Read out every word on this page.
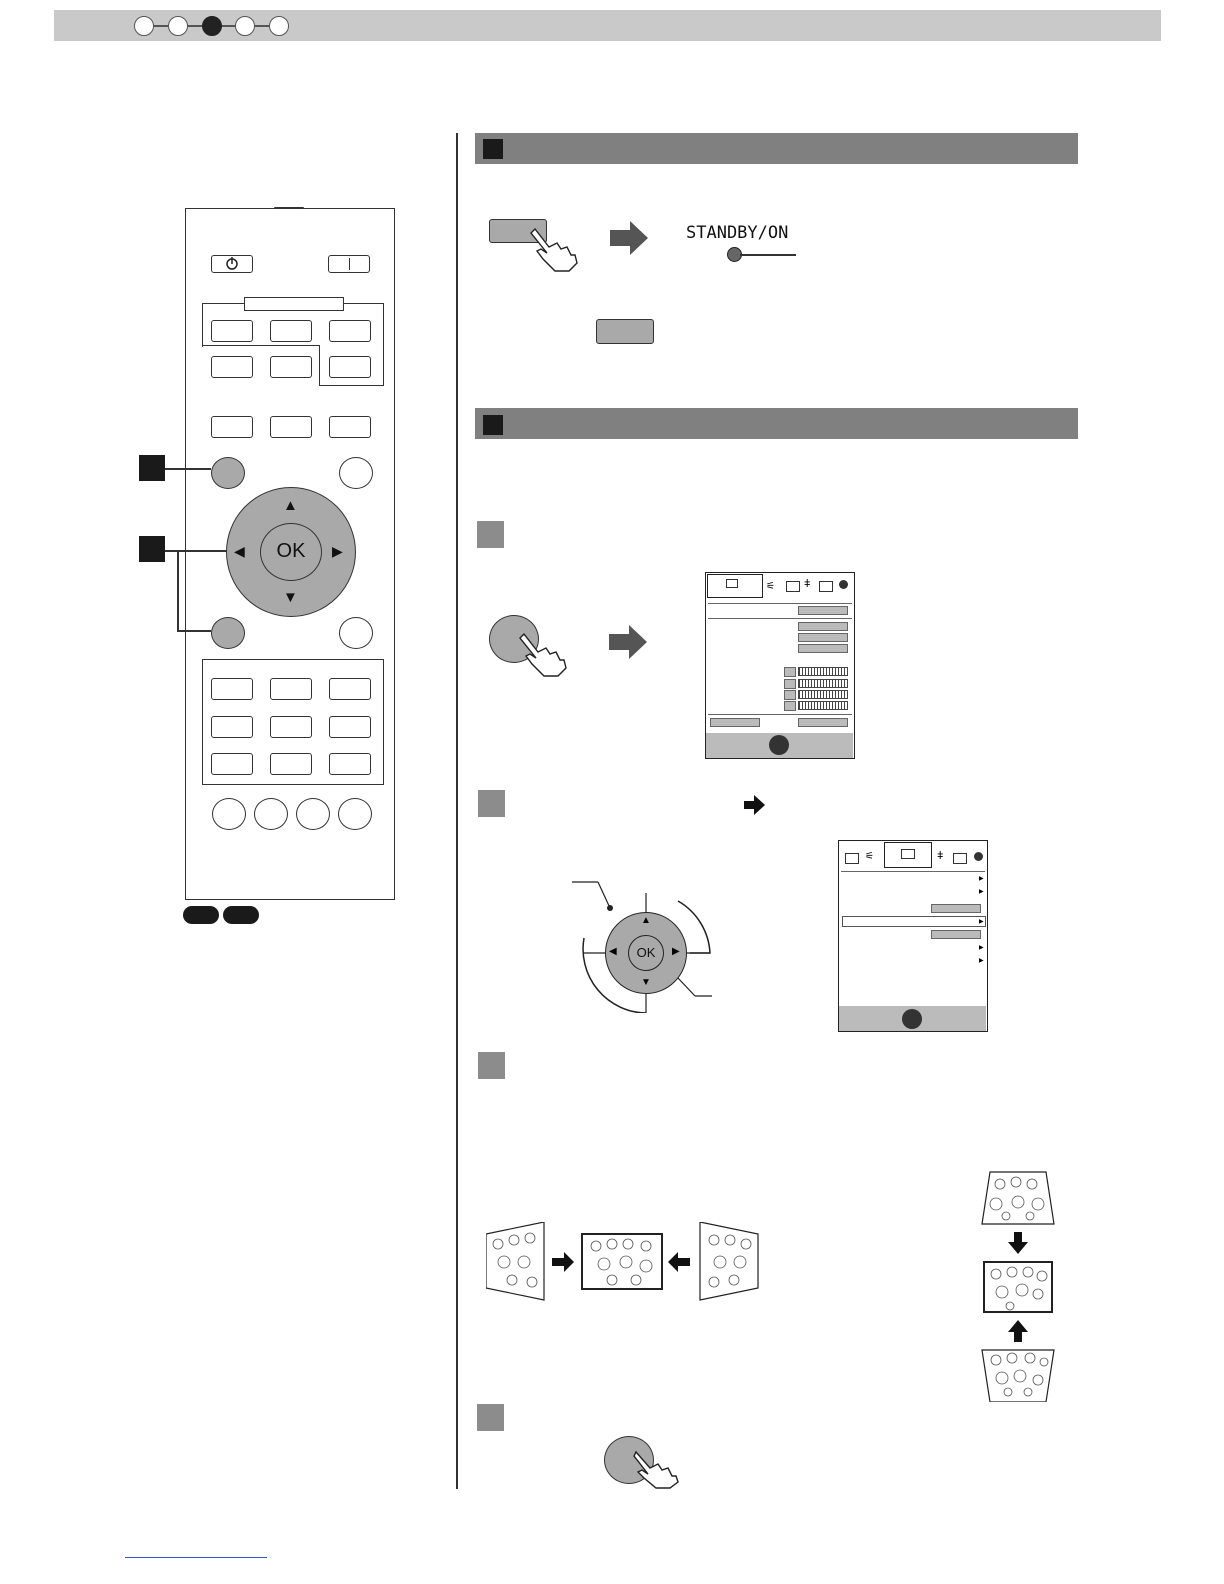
OK
▲
▼
◀	▶
STANDBY/ON
⚟	ǂ
OK
▲
▼
◀	▶
⚟	ǂ
▶
▶
▶
▶
▶
